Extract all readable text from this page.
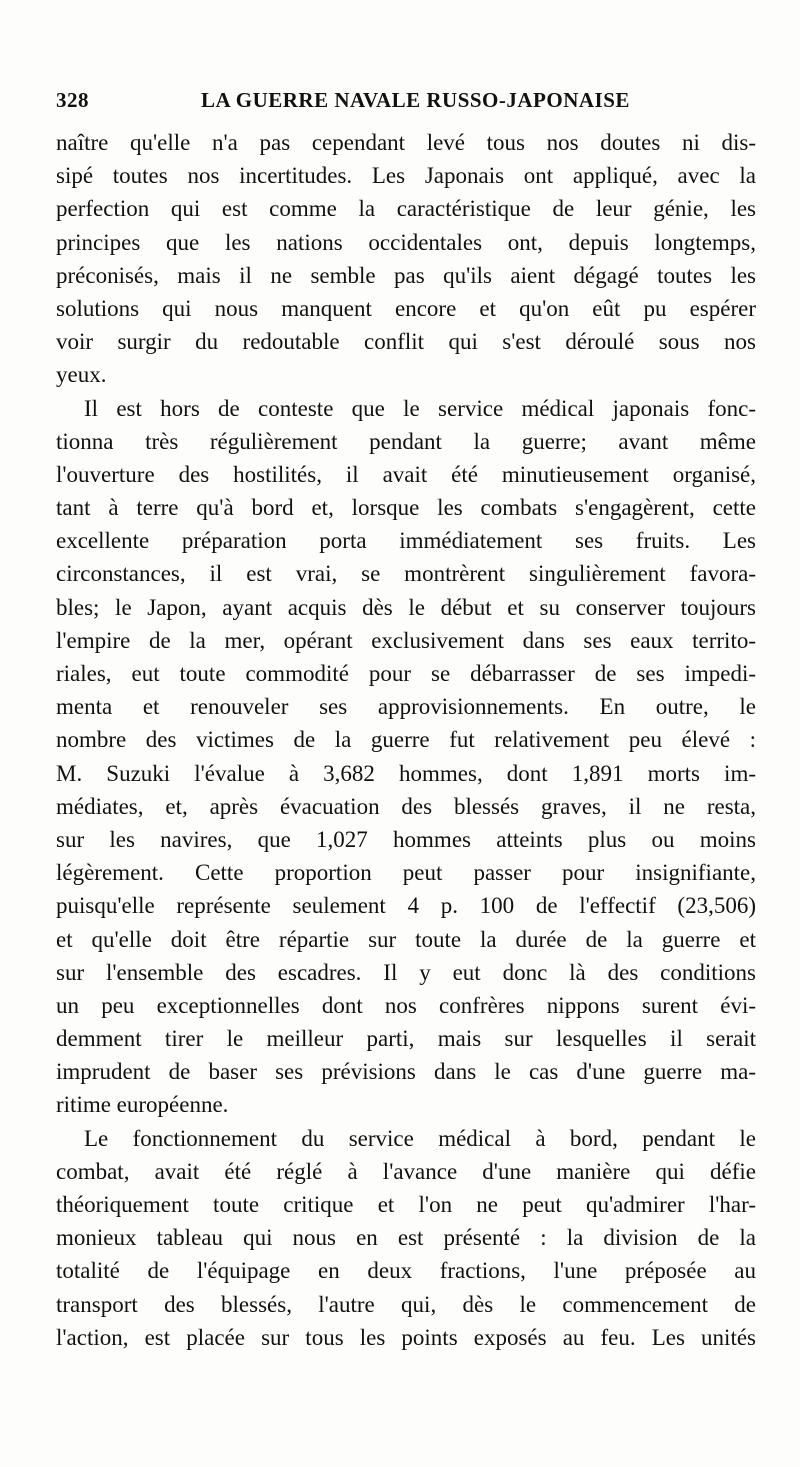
328	LA GUERRE NAVALE RUSSO-JAPONAISE
naître qu'elle n'a pas cependant levé tous nos doutes ni dis-
sipé toutes nos incertitudes. Les Japonais ont appliqué, avec la
perfection qui est comme la caractéristique de leur génie, les
principes que les nations occidentales ont, depuis longtemps,
préconisés, mais il ne semble pas qu'ils aient dégagé toutes les
solutions qui nous manquent encore et qu'on eût pu espérer
voir surgir du redoutable conflit qui s'est déroulé sous nos
yeux.
Il est hors de conteste que le service médical japonais fonc-
tionna très régulièrement pendant la guerre; avant même
l'ouverture des hostilités, il avait été minutieusement organisé,
tant à terre qu'à bord et, lorsque les combats s'engagèrent, cette
excellente préparation porta immédiatement ses fruits. Les
circonstances, il est vrai, se montrèrent singulièrement favora-
bles; le Japon, ayant acquis dès le début et su conserver toujours
l'empire de la mer, opérant exclusivement dans ses eaux territo-
riales, eut toute commodité pour se débarrasser de ses impedi-
menta et renouveler ses approvisionnements. En outre, le
nombre des victimes de la guerre fut relativement peu élevé :
M. Suzuki l'évalue à 3,682 hommes, dont 1,891 morts im-
médiates, et, après évacuation des blessés graves, il ne resta,
sur les navires, que 1,027 hommes atteints plus ou moins
légèrement. Cette proportion peut passer pour insignifiante,
puisqu'elle représente seulement 4 p. 100 de l'effectif (23,506)
et qu'elle doit être répartie sur toute la durée de la guerre et
sur l'ensemble des escadres. Il y eut donc là des conditions
un peu exceptionnelles dont nos confrères nippons surent évi-
demment tirer le meilleur parti, mais sur lesquelles il serait
imprudent de baser ses prévisions dans le cas d'une guerre ma-
ritime européenne.
Le fonctionnement du service médical à bord, pendant le
combat, avait été réglé à l'avance d'une manière qui défie
théoriquement toute critique et l'on ne peut qu'admirer l'har-
monieux tableau qui nous en est présenté : la division de la
totalité de l'équipage en deux fractions, l'une préposée au
transport des blessés, l'autre qui, dès le commencement de
l'action, est placée sur tous les points exposés au feu. Les unités
